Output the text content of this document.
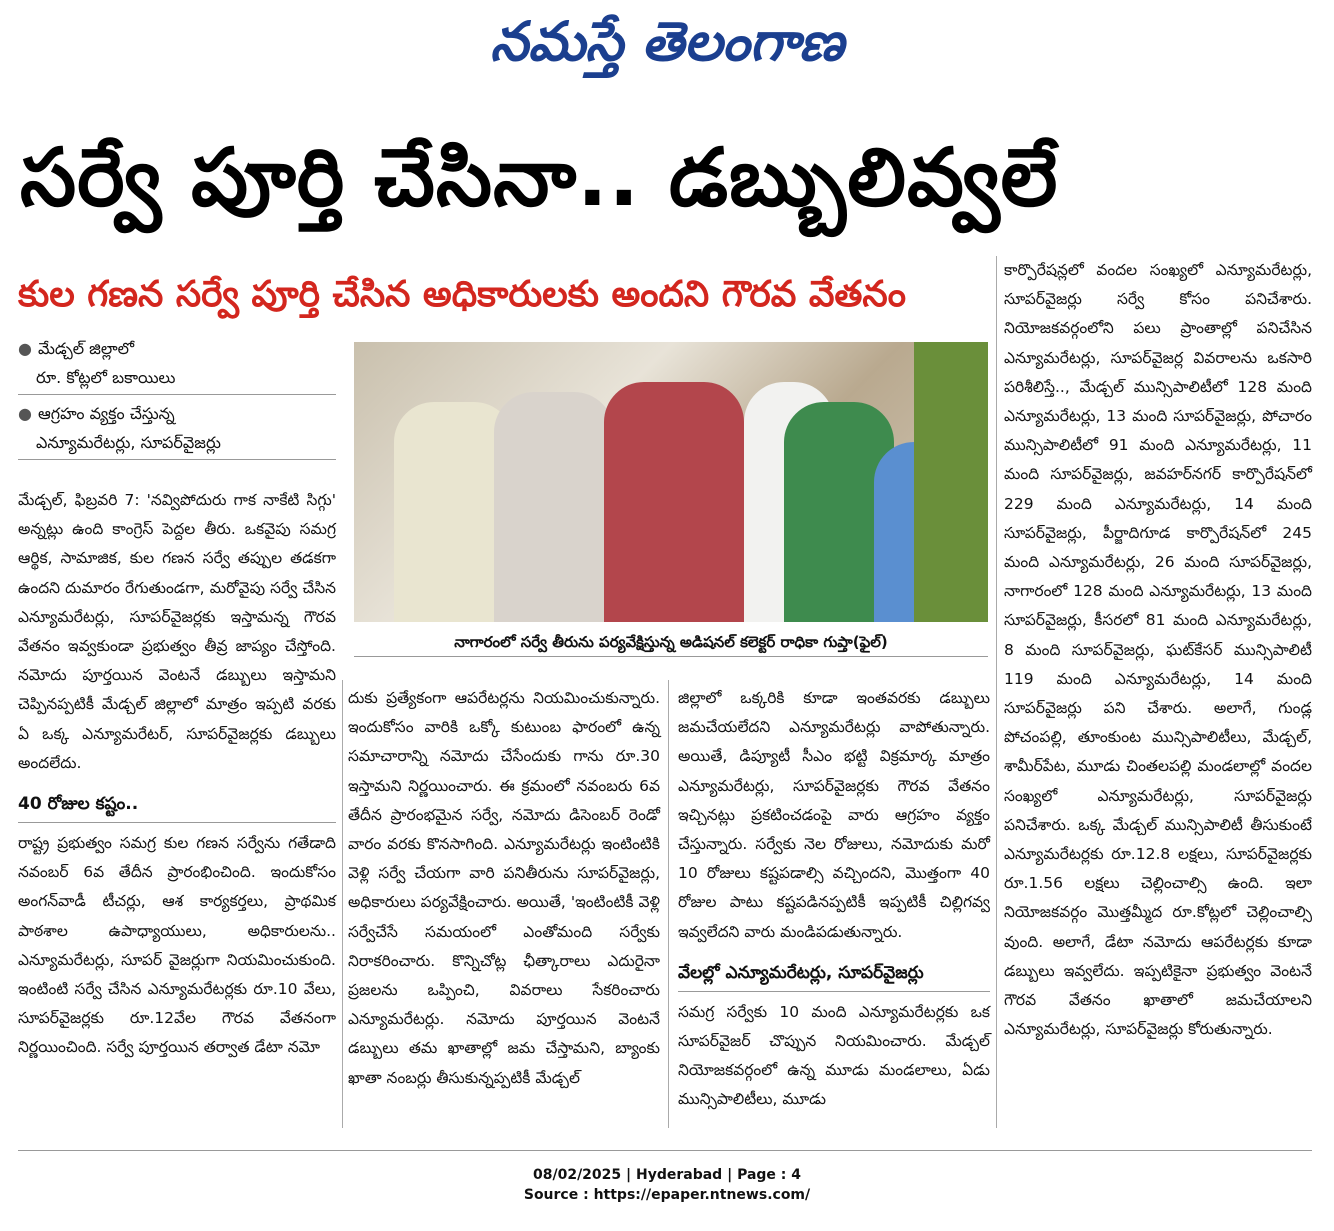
నమస్తే తెలంగాణ
సర్వే పూర్తి చేసినా.. డబ్బులివ్వలే
కుల గణన సర్వే పూర్తి చేసిన అధికారులకు అందని గౌరవ వేతనం
● మేడ్చల్ జిల్లాలో
రూ. కోట్లలో బకాయిలు
● ఆగ్రహం వ్యక్తం చేస్తున్న
ఎన్యూమరేటర్లు, సూపర్‌వైజర్లు
నాగారంలో సర్వే తీరును పర్యవేక్షిస్తున్న అడిషనల్ కలెక్టర్ రాధికా గుప్తా(ఫైల్)

మేడ్చల్, ఫిబ్రవరి 7: 'నవ్విపోదురు గాక నాకేటి సిగ్గు' అన్నట్లు ఉంది కాంగ్రెస్ పెద్దల తీరు. ఒకవైపు సమగ్ర ఆర్థిక, సామాజిక, కుల గణన సర్వే తప్పుల తడకగా ఉందని దుమారం రేగుతుండగా, మరోవైపు సర్వే చేసిన ఎన్యూమరేటర్లు, సూపర్‌వైజర్లకు ఇస్తామన్న గౌరవ వేతనం ఇవ్వకుండా ప్రభుత్వం తీవ్ర జాప్యం చేస్తోంది. నమోదు పూర్తయిన వెంటనే డబ్బులు ఇస్తామని చెప్పినప్పటికీ మేడ్చల్ జిల్లాలో మాత్రం ఇప్పటి వరకు ఏ ఒక్క ఎన్యూమరేటర్, సూపర్‌వైజర్లకు డబ్బులు అందలేదు.

40 రోజుల కష్టం..

రాష్ట్ర ప్రభుత్వం సమగ్ర కుల గణన సర్వేను గతేడాది నవంబర్ 6వ తేదీన ప్రారంభించింది. ఇందుకోసం అంగన్‌వాడీ టీచర్లు, ఆశ కార్యకర్తలు, ప్రాథమిక పాఠశాల ఉపాధ్యాయులు, అధికారులను.. ఎన్యూమరేటర్లు, సూపర్ వైజర్లుగా నియమించుకుంది. ఇంటింటి సర్వే చేసిన ఎన్యూమరేటర్లకు రూ.10 వేలు, సూపర్‌వైజర్లకు రూ.12వేల గౌరవ వేతనంగా నిర్ణయించింది. సర్వే పూర్తయిన తర్వాత డేటా నమో

దుకు ప్రత్యేకంగా ఆపరేటర్లను నియమించుకున్నారు. ఇందుకోసం వారికి ఒక్కో కుటుంబ ఫారంలో ఉన్న సమాచారాన్ని నమోదు చేసేందుకు గాను రూ.30 ఇస్తామని నిర్ణయించారు. ఈ క్రమంలో నవంబరు 6వ తేదీన ప్రారంభమైన సర్వే, నమోదు డిసెంబర్ రెండో వారం వరకు కొనసాగింది. ఎన్యూమరేటర్లు ఇంటింటికి వెళ్లి సర్వే చేయగా వారి పనితీరును సూపర్‌వైజర్లు, అధికారులు పర్యవేక్షించారు. అయితే, 'ఇంటింటికీ వెళ్లి సర్వేచేసే సమయంలో ఎంతోమంది సర్వేకు నిరాకరించారు. కొన్నిచోట్ల ఛీత్కారాలు ఎదురైనా ప్రజలను ఒప్పించి, వివరాలు సేకరించారు ఎన్యూమరేటర్లు. నమోదు పూర్తయిన వెంటనే డబ్బులు తమ ఖాతాల్లో జమ చేస్తామని, బ్యాంకు ఖాతా నంబర్లు తీసుకున్నప్పటికీ మేడ్చల్

జిల్లాలో ఒక్కరికి కూడా ఇంతవరకు డబ్బులు జమచేయలేదని ఎన్యూమరేటర్లు వాపోతున్నారు. అయితే, డిప్యూటీ సీఎం భట్టి విక్రమార్క మాత్రం ఎన్యూమరేటర్లు, సూపర్‌వైజర్లకు గౌరవ వేతనం ఇచ్చినట్లు ప్రకటించడంపై వారు ఆగ్రహం వ్యక్తం చేస్తున్నారు. సర్వేకు నెల రోజులు, నమోదుకు మరో 10 రోజులు కష్టపడాల్సి వచ్చిందని, మొత్తంగా 40 రోజుల పాటు కష్టపడినప్పటికీ ఇప్పటికీ చిల్లిగవ్వ ఇవ్వలేదని వారు మండిపడుతున్నారు.

వేలల్లో ఎన్యూమరేటర్లు, సూపర్‌వైజర్లు

సమగ్ర సర్వేకు 10 మంది ఎన్యూమరేటర్లకు ఒక సూపర్‌వైజర్ చొప్పున నియమించారు. మేడ్చల్ నియోజకవర్గంలో ఉన్న మూడు మండలాలు, ఏడు మున్సిపాలిటీలు, మూడు

కార్పొరేషన్లలో వందల సంఖ్యలో ఎన్యూమరేటర్లు, సూపర్‌వైజర్లు సర్వే కోసం పనిచేశారు. నియోజకవర్గంలోని పలు ప్రాంతాల్లో పనిచేసిన ఎన్యూమరేటర్లు, సూపర్‌వైజర్ల వివరాలను ఒకసారి పరిశీలిస్తే.., మేడ్చల్ మున్సిపాలిటీలో 128 మంది ఎన్యూమరేటర్లు, 13 మంది సూపర్‌వైజర్లు, పోచారం మున్సిపాలిటీలో 91 మంది ఎన్యూమరేటర్లు, 11 మంది సూపర్‌వైజర్లు, జవహర్‌నగర్ కార్పొరేషన్‌లో 229 మంది ఎన్యూమరేటర్లు, 14 మంది సూపర్‌వైజర్లు, పీర్జాదిగూడ కార్పొరేషన్‌లో 245 మంది ఎన్యూమరేటర్లు, 26 మంది సూపర్‌వైజర్లు, నాగారంలో 128 మంది ఎన్యూమరేటర్లు, 13 మంది సూపర్‌వైజర్లు, కీసరలో 81 మంది ఎన్యూమరేటర్లు, 8 మంది సూపర్‌వైజర్లు, ఘట్‌కేసర్ మున్సిపాలిటీ 119 మంది ఎన్యూమరేటర్లు, 14 మంది సూపర్‌వైజర్లు పని చేశారు. అలాగే, గుండ్ల పోచంపల్లి, తూంకుంట మున్సిపాలిటీలు, మేడ్చల్, శామీర్‌పేట, మూడు చింతలపల్లి మండలాల్లో వందల సంఖ్యలో ఎన్యూమరేటర్లు, సూపర్‌వైజర్లు పనిచేశారు. ఒక్క మేడ్చల్ మున్సిపాలిటీ తీసుకుంటే ఎన్యూమరేటర్లకు రూ.12.8 లక్షలు, సూపర్‌వైజర్లకు రూ.1.56 లక్షలు చెల్లించాల్సి ఉంది. ఇలా నియోజకవర్గం మొత్తమ్మీద రూ.కోట్లలో చెల్లించాల్సి వుంది. అలాగే, డేటా నమోదు ఆపరేటర్లకు కూడా డబ్బులు ఇవ్వలేదు. ఇప్పటికైనా ప్రభుత్వం వెంటనే గౌరవ వేతనం ఖాతాలో జమచేయాలని ఎన్యూమరేటర్లు, సూపర్‌వైజర్లు కోరుతున్నారు.

08/02/2025 | Hyderabad | Page : 4
Source : https://epaper.ntnews.com/
